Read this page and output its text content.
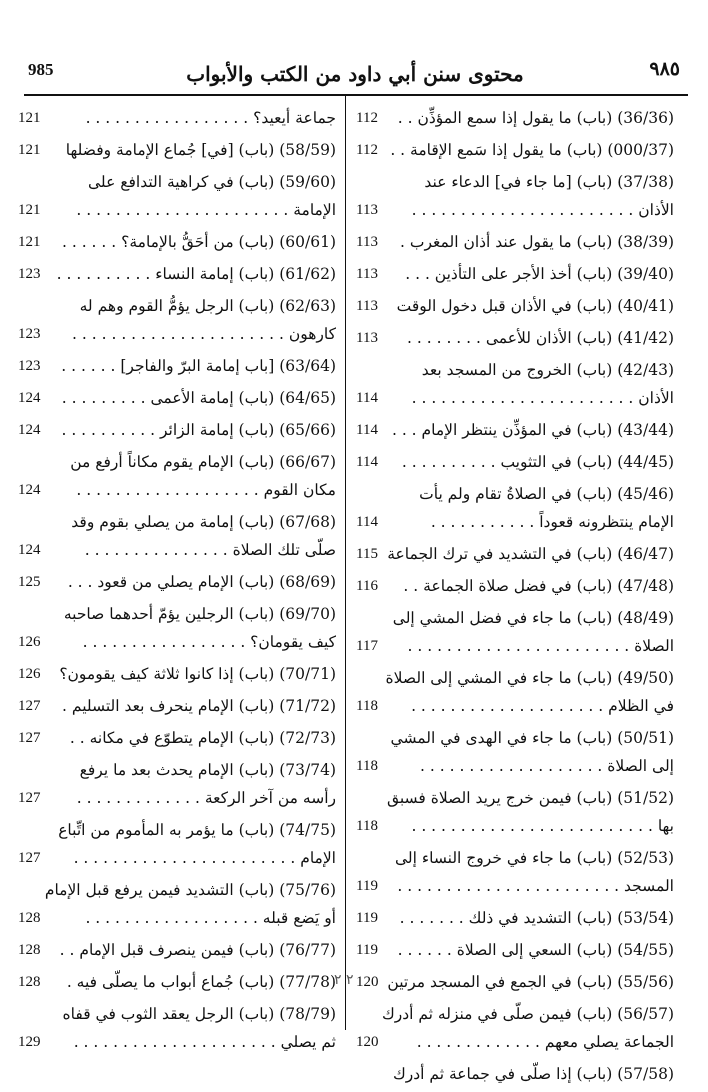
985	محتوى سنن أبي داود من الكتب والأبواب	٩٨٥
(36/36) (باب) ما يقول إذا سمع المؤذِّن . .
112
(000/37) (باب) ما يقول إذا سَمع الإقامة . .
112
(37/38) (باب) [ما جاء في] الدعاء عند
الأذان . . . . . . . . . . . . . . . . . . . . . . .
113
(38/39) (باب) ما يقول عند أذان المغرب .
113
(39/40) (باب) أخذ الأجر على التأذين . . .
113
(40/41) (باب) في الأذان قبل دخول الوقت
113
(41/42) (باب) الأذان للأعمى . . . . . . . .
113
(42/43) (باب) الخروج من المسجد بعد
الأذان . . . . . . . . . . . . . . . . . . . . . . .
114
(43/44) (باب) في المؤذِّن ينتظر الإمام . . .
114
(44/45) (باب) في التثويب . . . . . . . . . .
114
(45/46) (باب) في الصلاةُ تقام ولم يأت
الإمام ينتظرونه قعوداً . . . . . . . . . . .
114
(46/47) (باب) في التشديد في ترك الجماعة
115
(47/48) (باب) في فضل صلاة الجماعة . .
116
(48/49) (باب) ما جاء في فضل المشي إلى
الصلاة . . . . . . . . . . . . . . . . . . . . . . .
117
(49/50) (باب) ما جاء في المشي إلى الصلاة
في الظلام . . . . . . . . . . . . . . . . . . . .
118
(50/51) (باب) ما جاء في الهدى في المشي
إلى الصلاة . . . . . . . . . . . . . . . . . . .
118
(51/52) (باب) فيمن خرج يريد الصلاة فسبق
بها . . . . . . . . . . . . . . . . . . . . . . . . .
118
(52/53) (باب) ما جاء في خروج النساء إلى
المسجد . . . . . . . . . . . . . . . . . . . . . . .
119
(53/54) (باب) التشديد في ذلك . . . . . . .
119
(54/55) (باب) السعي إلى الصلاة . . . . . .
119
(55/56) (باب) في الجمع في المسجد مرتين
120
(56/57) (باب) فيمن صلّى في منزله ثم أدرك
الجماعة يصلي معهم . . . . . . . . . . . . .
120
(57/58) (باب) إذا صلّى في جماعة ثم أدرك
جماعة أيعيد؟ . . . . . . . . . . . . . . . . .
121
(58/59) (باب) [في] جُماع الإمامة وفضلها
121
(59/60) (باب) في كراهية التدافع على
الإمامة . . . . . . . . . . . . . . . . . . . . . .
121
(60/61) (باب) من أحَقُّ بالإمامة؟ . . . . . .
121
(61/62) (باب) إمامة النساء . . . . . . . . . .
123
(62/63) (باب) الرجل يؤمُّ القوم وهم له
كارهون . . . . . . . . . . . . . . . . . . . . . .
123
(63/64) [باب إمامة البرّ والفاجر] . . . . . .
123
(64/65) (باب) إمامة الأعمى . . . . . . . . .
124
(65/66) (باب) إمامة الزائر . . . . . . . . . .
124
(66/67) (باب) الإمام يقوم مكاناً أرفع من
مكان القوم . . . . . . . . . . . . . . . . . . .
124
(67/68) (باب) إمامة من يصلي بقوم وقد
صلّى تلك الصلاة . . . . . . . . . . . . . . .
124
(68/69) (باب) الإمام يصلي من قعود . . .
125
(69/70) (باب) الرجلين يؤمّ أحدهما صاحبه
كيف يقومان؟ . . . . . . . . . . . . . . . . .
126
(70/71) (باب) إذا كانوا ثلاثة كيف يقومون؟
126
(71/72) (باب) الإمام ينحرف بعد التسليم .
127
(72/73) (باب) الإمام يتطوّع في مكانه . .
127
(73/74) (باب) الإمام يحدث بعد ما يرفع
رأسه من آخر الركعة . . . . . . . . . . . . .
127
(74/75) (باب) ما يؤمر به المأموم من اتِّباع
الإمام . . . . . . . . . . . . . . . . . . . . . . .
127
(75/76) (باب) التشديد فيمن يرفع قبل الإمام
أو يَضع قبله . . . . . . . . . . . . . . . . . .
128
(76/77) (باب) فيمن ينصرف قبل الإمام . .
128
(77/78) (باب) جُماع أبواب ما يصلّى فيه .
128
(78/79) (باب) الرجل يعقد الثوب في قفاه
ثم يصلي . . . . . . . . . . . . . . . . . . . . .
129
٢ ٢
